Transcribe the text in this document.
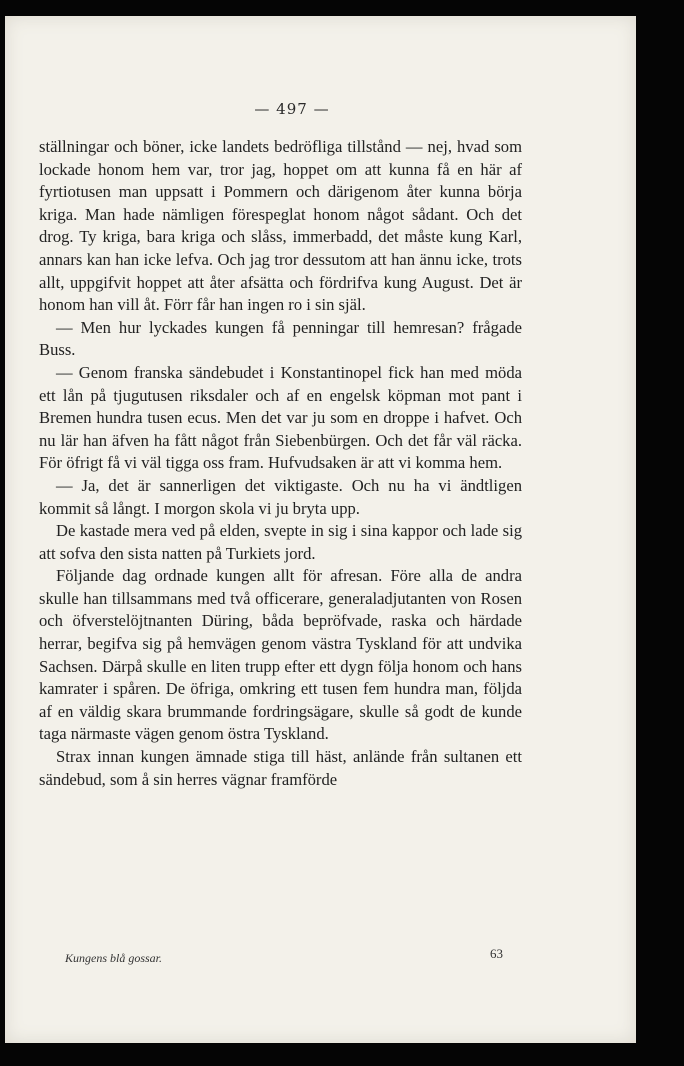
— 497 —

ställningar och böner, icke landets bedröfliga tillstånd — nej, hvad som lockade honom hem var, tror jag, hoppet om att kunna få en här af fyrtiotusen man uppsatt i Pommern och därigenom åter kunna börja kriga. Man hade nämligen förespeglat honom något sådant. Och det drog. Ty kriga, bara kriga och slåss, immerbadd, det måste kung Karl, annars kan han icke lefva. Och jag tror dessutom att han ännu icke, trots allt, uppgifvit hoppet att åter afsätta och fördrifva kung August. Det är honom han vill åt. Förr får han ingen ro i sin själ.

— Men hur lyckades kungen få penningar till hemresan? frågade Buss.

— Genom franska sändebudet i Konstantinopel fick han med möda ett lån på tjugutusen riksdaler och af en engelsk köpman mot pant i Bremen hundra tusen ecus. Men det var ju som en droppe i hafvet. Och nu lär han äfven ha fått något från Siebenbürgen. Och det får väl räcka. För öfrigt få vi väl tigga oss fram. Hufvudsaken är att vi komma hem.

— Ja, det är sannerligen det viktigaste. Och nu ha vi ändtligen kommit så långt. I morgon skola vi ju bryta upp.

De kastade mera ved på elden, svepte in sig i sina kappor och lade sig att sofva den sista natten på Turkiets jord.

Följande dag ordnade kungen allt för afresan. Före alla de andra skulle han tillsammans med två officerare, generaladjutanten von Rosen och öfverstelöjtnanten Düring, båda bepröfvade, raska och härdade herrar, begifva sig på hemvägen genom västra Tyskland för att undvika Sachsen. Därpå skulle en liten trupp efter ett dygn följa honom och hans kamrater i spåren. De öfriga, omkring ett tusen fem hundra man, följda af en väldig skara brummande fordringsägare, skulle så godt de kunde taga närmaste vägen genom östra Tyskland.

Strax innan kungen ämnade stiga till häst, anlände från sultanen ett sändebud, som å sin herres vägnar framförde

Kungens blå gossar.	63
